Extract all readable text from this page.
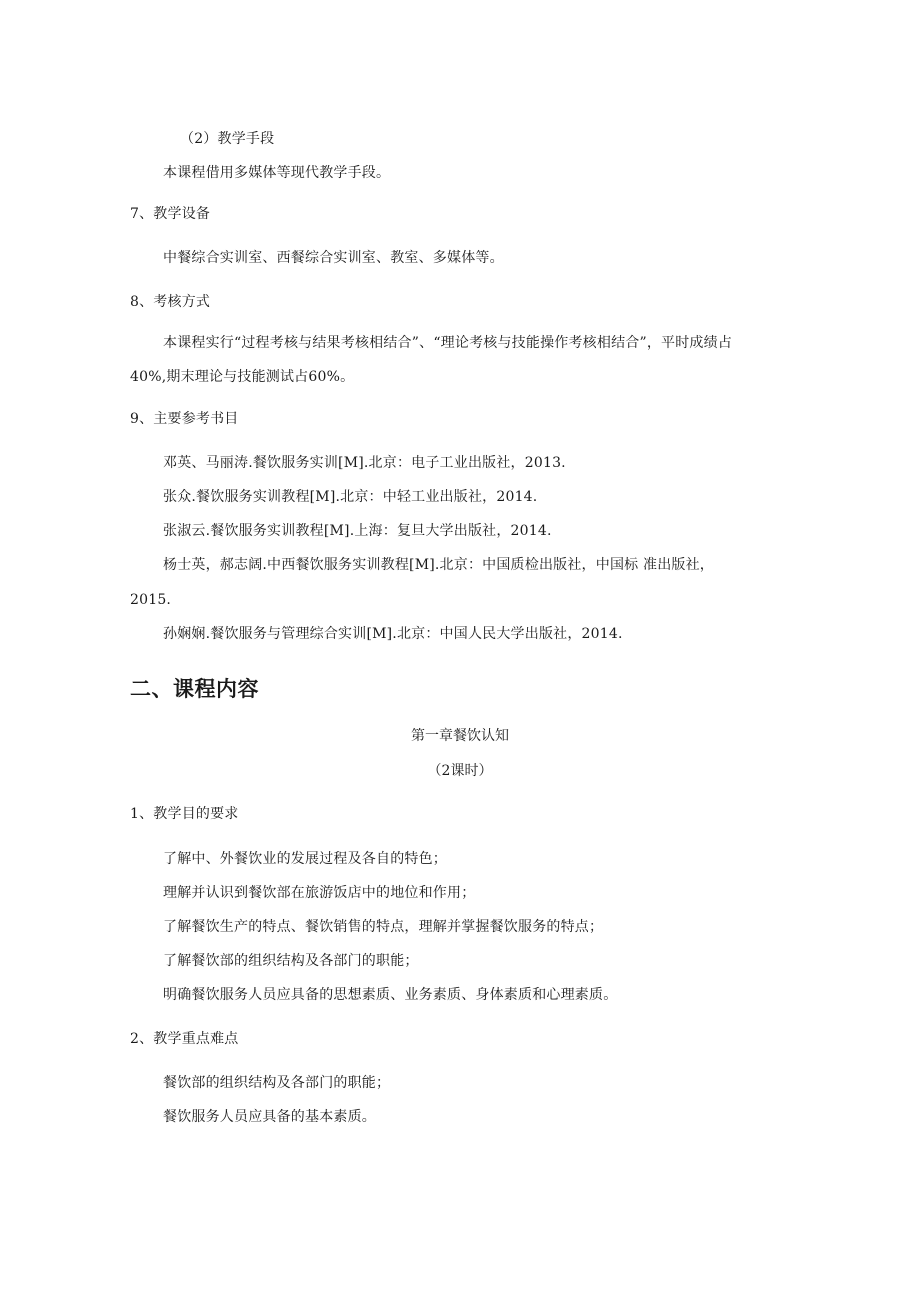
（2）教学手段
本课程借用多媒体等现代教学手段。
7、教学设备
中餐综合实训室、西餐综合实训室、教室、多媒体等。
8、考核方式
本课程实行“过程考核与结果考核相结合”、“理论考核与技能操作考核相结合”，平时成绩占
40%,期末理论与技能测试占60%。
9、主要参考书目
邓英、马丽涛.餐饮服务实训[M].北京：电子工业出版社，2013.
张众.餐饮服务实训教程[M].北京：中轻工业出版社，2014.
张淑云.餐饮服务实训教程[M].上海：复旦大学出版社，2014.
杨士英，郝志阔.中西餐饮服务实训教程[M].北京：中国质检出版社，中国标 准出版社，
2015.
孙娴娴.餐饮服务与管理综合实训[M].北京：中国人民大学出版社，2014.
二、课程内容
第一章餐饮认知
（2课时）
1、教学目的要求
了解中、外餐饮业的发展过程及各自的特色；
理解并认识到餐饮部在旅游饭店中的地位和作用；
了解餐饮生产的特点、餐饮销售的特点，理解并掌握餐饮服务的特点；
了解餐饮部的组织结构及各部门的职能；
明确餐饮服务人员应具备的思想素质、业务素质、身体素质和心理素质。
2、教学重点难点
餐饮部的组织结构及各部门的职能；
餐饮服务人员应具备的基本素质。
